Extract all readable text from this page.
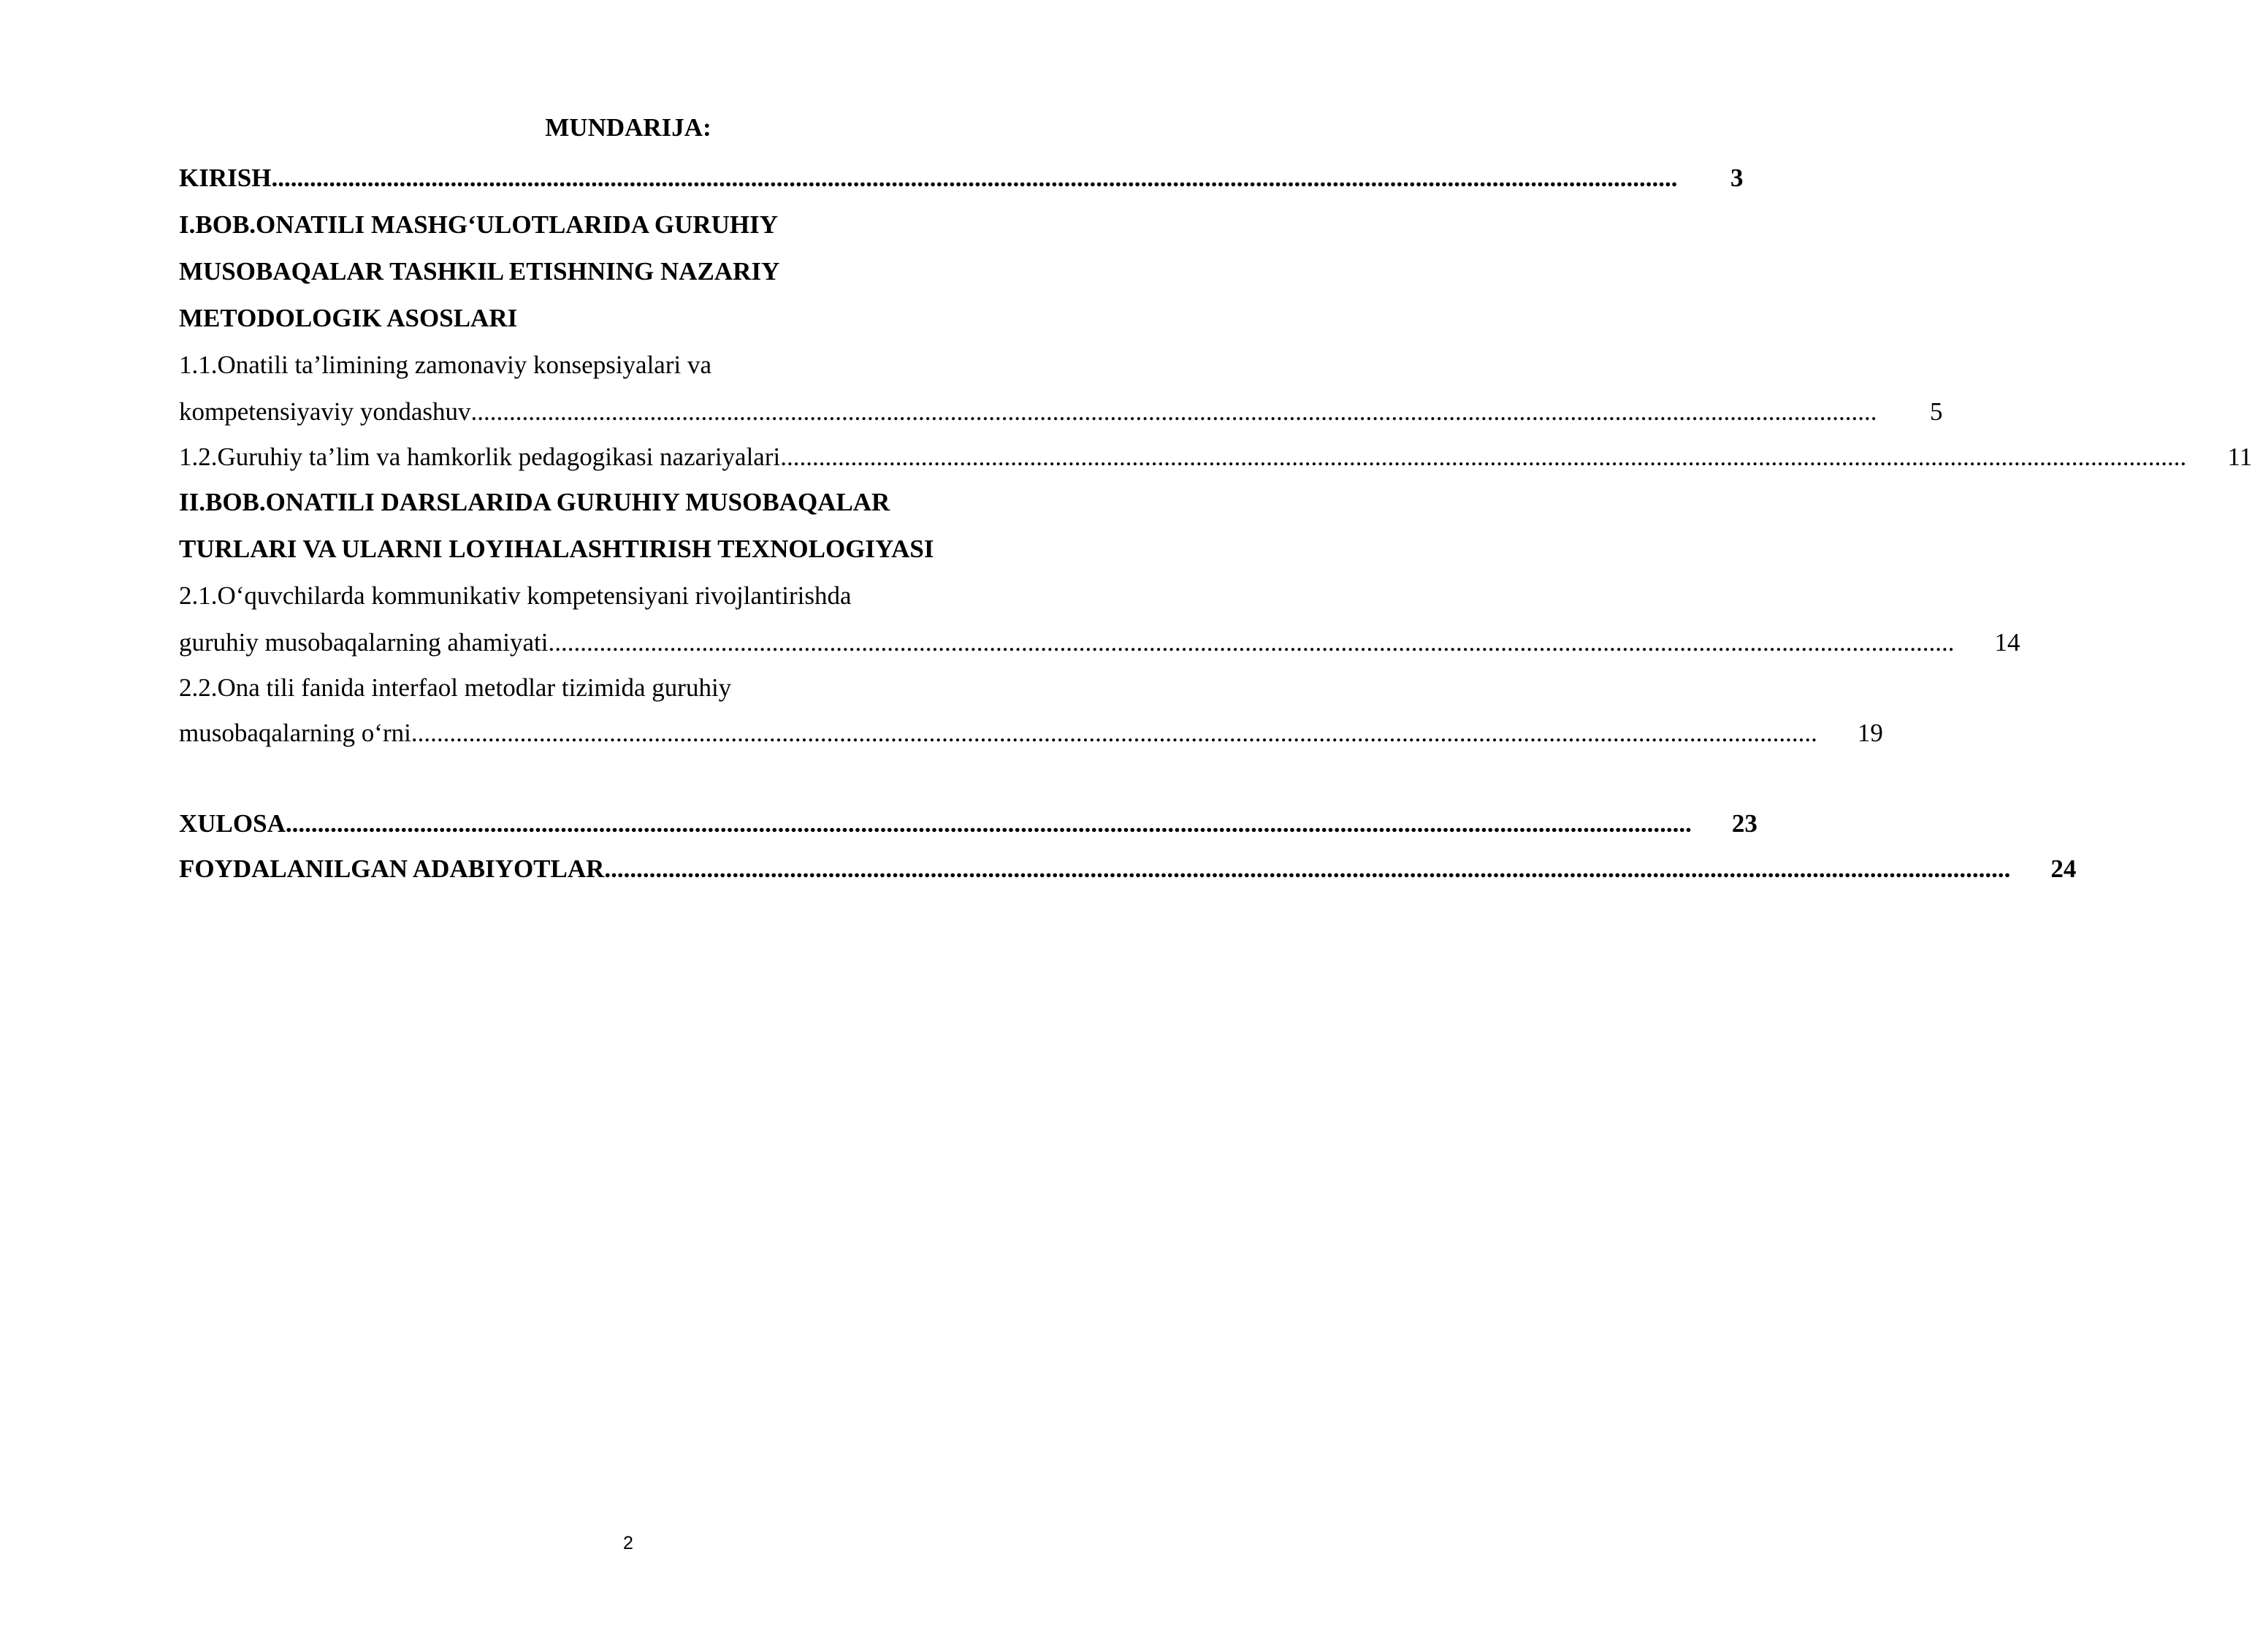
MUNDARIJA:
KIRISH ............................................................................................................................................................................................................................	3
I.BOB.ONATILI MASHG‘ULOTLARIDA GURUHIY
MUSOBAQALAR TASHKIL ETISHNING NAZARIY
METODOLOGIK ASOSLARI
1.1.Onatili ta’limining zamonaviy konsepsiyalari va
kompetensiyaviy yondashuv ............................................................................................................................................................................................................................	5
1.2.Guruhiy ta’lim va hamkorlik pedagogikasi nazariyalari ............................................................................................................................................................................................................................	11
II.BOB.ONATILI DARSLARIDA GURUHIY MUSOBAQALAR
TURLARI VA ULARNI LOYIHALASHTIRISH TEXNOLOGIYASI
2.1.O‘quvchilarda kommunikativ kompetensiyani rivojlantirishda
guruhiy musobaqalarning ahamiyati ............................................................................................................................................................................................................................	14
2.2.Ona tili fanida interfaol metodlar tizimida guruhiy
musobaqalarning o‘rni ............................................................................................................................................................................................................................	19
XULOSA ............................................................................................................................................................................................................................	23
FOYDALANILGAN ADABIYOTLAR ............................................................................................................................................................................................................................	24
2
